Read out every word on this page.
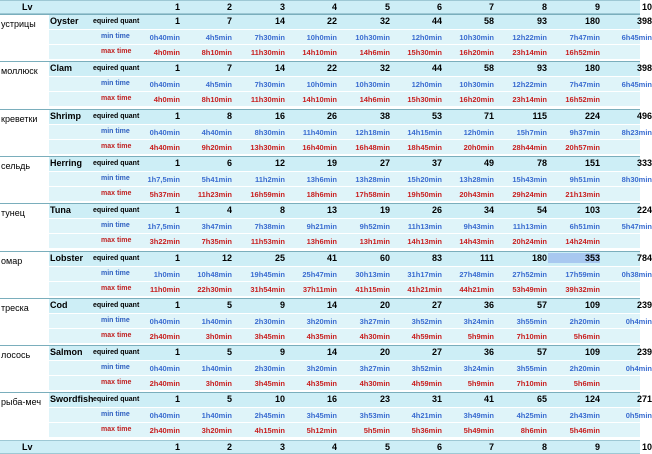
Lv	1	2	3	4	5	6	7	8	9	10
устрицы Oyster equired quant	1	7	14	22	32	44	58	93	180	398
min time	0h40min	4h5min	7h30min	10h0min	10h30min	12h0min	10h30min	12h22min	7h47min	6h45min
max time	4h0min	8h10min	11h30min	14h10min	14h6min	15h30min	16h20min	23h14min	16h52min
моллюск Clam	equired quant	1	7	14	22	32	44	58	93	180	398
min time	0h40min	4h5min	7h30min	10h0min	10h30min	12h0min	10h30min	12h22min	7h47min	6h45min
max time	4h0min	8h10min	11h30min	14h10min	14h6min	15h30min	16h20min	23h14min	16h52min
креветки Shrimp equired quant	1	8	16	26	38	53	71	115	224	496
min time	0h40min	4h40min	8h30min	11h40min	12h18min	14h15min	12h0min	15h7min	9h37min	8h23min
max time	4h40min	9h20min	13h30min	16h40min	16h48min	18h45min	20h0min	28h44min	20h57min
сельдь Herring equired quant	1	6	12	19	27	37	49	78	151	333
min time	1h7,5min	5h41min	11h2min	13h6min	13h28min	15h20min	13h28min	15h43min	9h51min	8h30min
max time	5h37min	11h23min	16h59min	18h6min	17h58min	19h50min	20h43min	29h24min	21h13min
тунец	Tuna	equired quant	1	4	8	13	19	26	34	54	103	224
min time	1h7,5min	3h47min	7h38min	9h21min	9h52min	11h13min	9h43min	11h13min	6h51min	5h47min
max time	3h22min	7h35min	11h53min	13h6min	13h1min	14h13min	14h43min	20h24min	14h24min
омар	Lobster equired quant	1	12	25	41	60	83	111	180	353	784
min time	1h0min	10h48min	19h45min	25h47min	30h13min	31h17min	27h48min	27h52min	17h59min	0h38min
max time	11h0min	22h30min	31h54min	37h11min	41h15min	41h21min	44h21min	53h49min	39h32min
треска Cod	equired quant	1	5	9	14	20	27	36	57	109	239
min time	0h40min	1h40min	2h30min	3h20min	3h27min	3h52min	3h24min	3h55min	2h20min	0h4min
max time	2h40min	3h0min	3h45min	4h35min	4h30min	4h59min	5h9min	7h10min	5h6min
лосось Salmon equired quant	1	5	9	14	20	27	36	57	109	239
min time	0h40min	1h40min	2h30min	3h20min	3h27min	3h52min	3h24min	3h55min	2h20min	0h4min
max time	2h40min	3h0min	3h45min	4h35min	4h30min	4h59min	5h9min	7h10min	5h6min
рыба-меч Swordfish equired quant	1	5	10	16	23	31	41	65	124	271
min time	0h40min	1h40min	2h45min	3h45min	3h53min	4h21min	3h49min	4h25min	2h43min	0h5min
max time	2h40min	3h20min	4h15min	5h12min	5h5min	5h36min	5h49min	8h6min	5h46min
Lv	1	2	3	4	5	6	7	8	9	10
